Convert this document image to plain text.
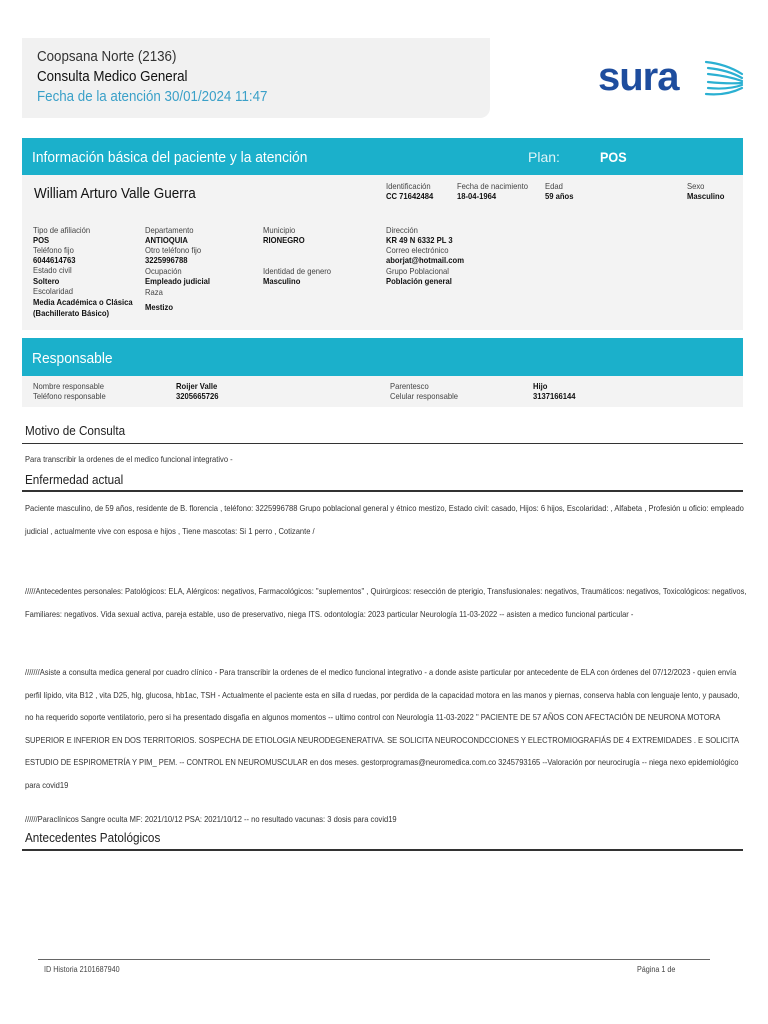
Coopsana Norte (2136)
Consulta Medico General
Fecha de la atención 30/01/2024 11:47	sura
Información básica del paciente y la atención	Plan:	POS
William Arturo Valle Guerra	Identificación
CC 71642484
Fecha de nacimiento
18-04-1964
Edad
59 años
Sexo
Masculino
Tipo de afiliación
POS
Teléfono fijo
6044614763
Estado civil
Soltero
Escolaridad
Media Académica o Clásica
(Bachillerato Básico)
Departamento
ANTIOQUIA
Otro teléfono fijo
3225996788
Ocupación
Empleado judicial
Raza
Mestizo
Municipio
RIONEGRO
Identidad de genero
Masculino
Dirección
KR 49 N 6332 PL 3
Correo electrónico
aborjat@hotmail.com
Grupo Poblacional
Población general
Responsable
Nombre responsable	Roijer Valle
Teléfono responsable	3205665726
Parentesco	Hijo
Celular responsable	3137166144
Motivo de Consulta
Para transcribir la ordenes de el medico funcional integrativo -
Enfermedad actual
Paciente masculino, de 59 años, residente de B. florencia , teléfono: 3225996788 Grupo poblacional general y étnico mestizo, Estado civil: casado, Hijos: 6 hijos, Escolaridad: , Alfabeta , Profesión u oficio: empleado judicial , actualmente vive con esposa e hijos , Tiene mascotas: Si 1 perro , Cotizante /
/////Antecedentes personales: Patológicos: ELA, Alérgicos: negativos, Farmacológicos: "suplementos" , Quirúrgicos: resección de pterigio, Transfusionales: negativos, Traumáticos: negativos, Toxicológicos: negativos, Familiares: negativos. Vida sexual activa, pareja estable, uso de preservativo, niega ITS. odontología: 2023 particular Neurología 11-03-2022 -- asisten a medico funcional particular -
///////Asiste a consulta medica general por cuadro clínico - Para transcribir la ordenes de el medico funcional integrativo - a donde asiste particular por antecedente de ELA con órdenes del 07/12/2023 - quien envía perfil lípido, vita B12 , vita D25, hlg, glucosa, hb1ac, TSH - Actualmente el paciente esta en silla d ruedas, por perdida de la capacidad motora en las manos y piernas, conserva habla con lenguaje lento, y pausado, no ha requerido soporte ventilatorio, pero si ha presentado disgafia en algunos momentos -- ultimo control con Neurología 11-03-2022 " PACIENTE DE 57 AÑOS CON AFECTACIÓN DE NEURONA MOTORA SUPERIOR E INFERIOR EN DOS TERRITORIOS. SOSPECHA DE ETIOLOGIA NEURODEGENERATIVA. SE SOLICITA NEUROCONDCCIONES Y ELECTROMIOGRAFIÁS DE 4 EXTREMIDADES . E SOLICITA ESTUDIO DE ESPIROMETRÍA Y PIM_ PEM. -- CONTROL EN NEUROMUSCULAR en dos meses. gestorprogramas@neuromedica.com.co 3245793165 --Valoración por neurocirugía -- niega nexo epidemiológico para covid19
//////Paraclínicos Sangre oculta MF: 2021/10/12 PSA: 2021/10/12 -- no resultado vacunas: 3 dosis para covid19
Antecedentes Patológicos
ID Historia 2101687940	Página 1 de
